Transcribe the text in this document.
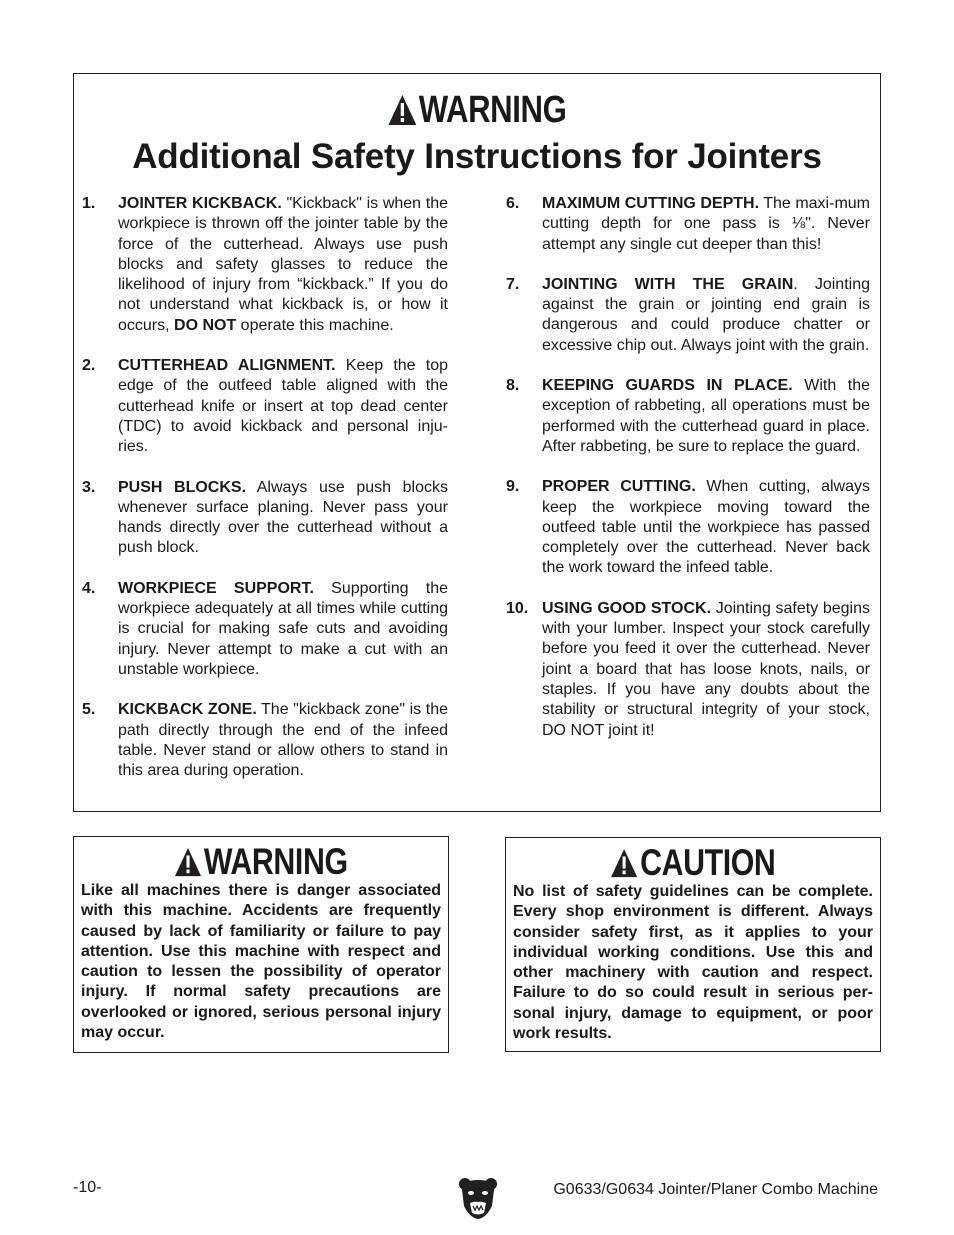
WARNING
Additional Safety Instructions for Jointers
1.	JOINTER KICKBACK. "Kickback" is when the workpiece is thrown off the jointer table by the force of the cutterhead. Always use push blocks and safety glasses to reduce the likelihood of injury from “kickback.” If you do not understand what kickback is, or how it occurs, DO NOT operate this machine.
2.	CUTTERHEAD ALIGNMENT. Keep the top edge of the outfeed table aligned with the cutterhead knife or insert at top dead center (TDC) to avoid kickback and personal inju-ries.
3.	PUSH BLOCKS. Always use push blocks whenever surface planing. Never pass your hands directly over the cutterhead without a push block.
4.	WORKPIECE SUPPORT. Supporting the workpiece adequately at all times while cutting is crucial for making safe cuts and avoiding injury. Never attempt to make a cut with an unstable workpiece.
5.	KICKBACK ZONE. The "kickback zone" is the path directly through the end of the infeed table. Never stand or allow others to stand in this area during operation.
6.	MAXIMUM CUTTING DEPTH. The maxi-mum cutting depth for one pass is ⅛". Never attempt any single cut deeper than this!
7.	JOINTING WITH THE GRAIN. Jointing against the grain or jointing end grain is dangerous and could produce chatter or excessive chip out. Always joint with the grain.
8.	KEEPING GUARDS IN PLACE. With the exception of rabbeting, all operations must be performed with the cutterhead guard in place. After rabbeting, be sure to replace the guard.
9.	PROPER CUTTING. When cutting, always keep the workpiece moving toward the outfeed table until the workpiece has passed completely over the cutterhead. Never back the work toward the infeed table.
10. USING GOOD STOCK. Jointing safety begins with your lumber. Inspect your stock carefully before you feed it over the cutterhead. Never joint a board that has loose knots, nails, or staples. If you have any doubts about the stability or structural integrity of your stock, DO NOT joint it!
WARNING
Like all machines there is danger associated with this machine. Accidents are frequently caused by lack of familiarity or failure to pay attention. Use this machine with respect and caution to lessen the possibility of operator injury. If normal safety precautions are overlooked or ignored, serious personal injury may occur.
CAUTION
No list of safety guidelines can be complete. Every shop environment is different. Always consider safety first, as it applies to your individual working conditions. Use this and other machinery with caution and respect. Failure to do so could result in serious per-sonal injury, damage to equipment, or poor work results.
-10-	G0633/G0634 Jointer/Planer Combo Machine
